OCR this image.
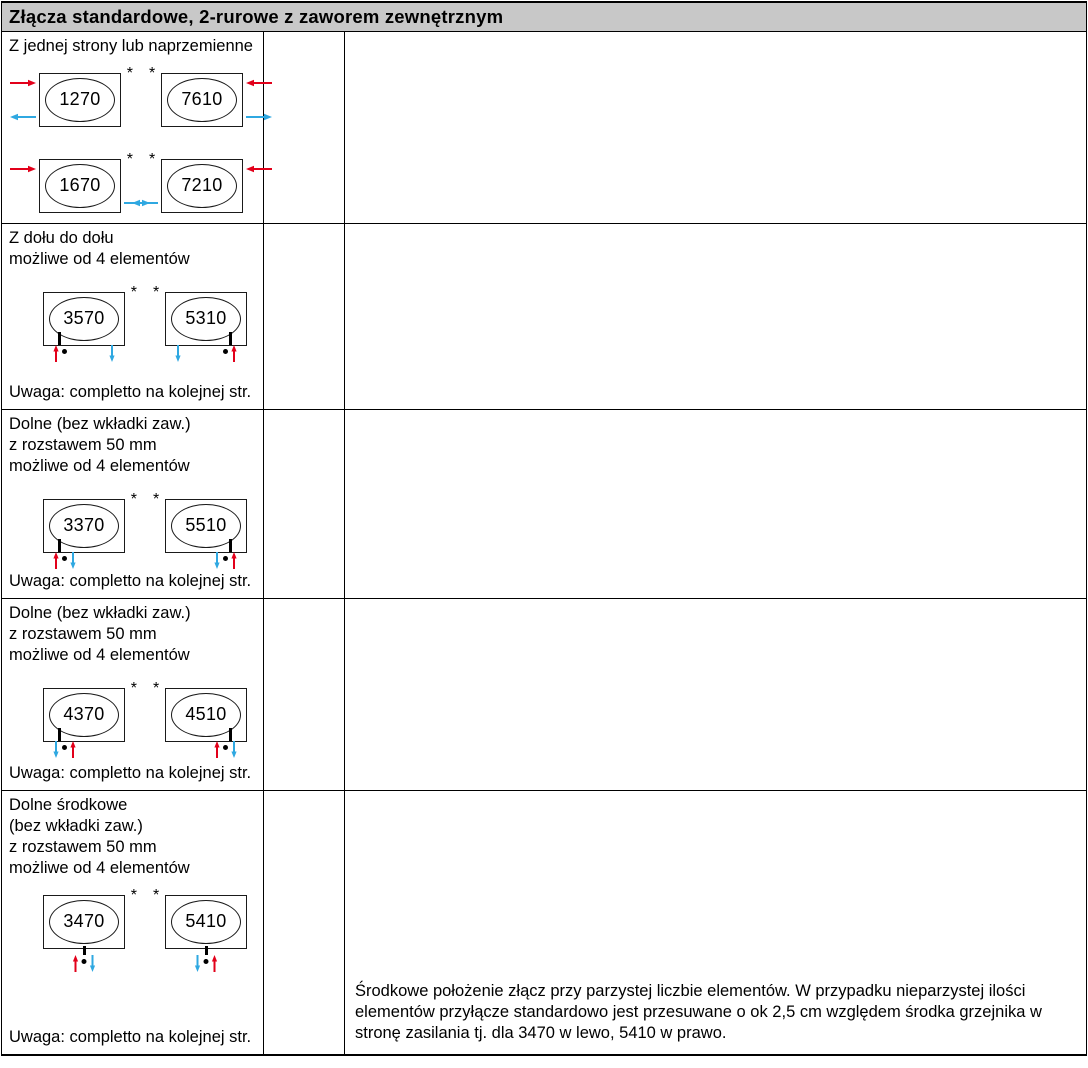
Złącza standardowe, 2-rurowe z zaworem zewnętrznym
Z jednej strony lub naprzemienne
1270
*
7610
*
1670
*
7210
*
Z dołu do dołu
możliwe od 4 elementów
3570
*
5310
*
Uwaga: completto na kolejnej str.
Dolne (bez wkładki zaw.)
z rozstawem 50 mm
możliwe od 4 elementów
3370
*
5510
*
Uwaga: completto na kolejnej str.
Dolne (bez wkładki zaw.)
z rozstawem 50 mm
możliwe od 4 elementów
4370
*
4510
*
Uwaga: completto na kolejnej str.
Dolne środkowe
(bez wkładki zaw.)
z rozstawem 50 mm
możliwe od 4 elementów
3470
*
5410
*
Uwaga: completto na kolejnej str.
Środkowe położenie złącz przy parzystej liczbie elementów. W przypadku nieparzystej ilości elementów przyłącze standardowo jest przesuwane o ok 2,5 cm względem środka grzejnika w stronę zasilania tj. dla 3470 w lewo, 5410 w prawo.
